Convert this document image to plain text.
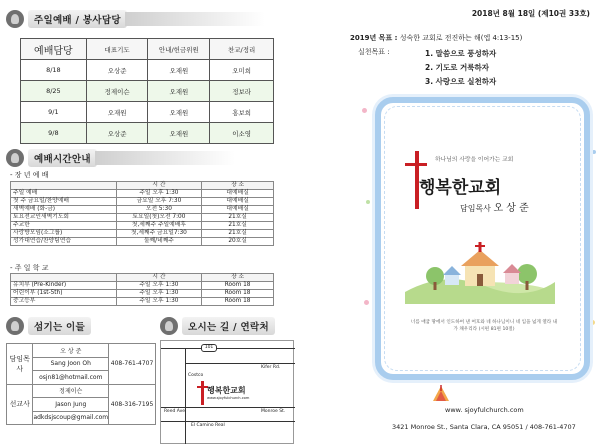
주일예배 / 봉사담당
예배담당	대표기도	안내/헌금위원	찬교/정리
8/18	오상준	오재원	오미희
8/25	정제이슨	오재원	정보라
9/1	오재원	오재원	홍보희
9/8	오상준	오재원	이소영
예배시간안내
- 장 년 예 배
	시 간	장 소
주일 예배	주일 오후 1:30	대예배실
첫 주 금요일/찬양예배	금요일 오후 7:30	대예배실
새벽예배 (화-금)	오전 5:30	대예배실
토요전교인새벽기도회	토요일(첫)오전 7:00	21호실
주교한	첫,세째주 주일예배후	21호실
사랑방모임(소그룹)	첫,세째주 금요일7:30	21호실
성가대연습/찬양팀연습	둘째/네째주	20호실
- 주 일 학 교
	시 간	장 소
유치부 (Pre-Kinder)	주일 오후 1:30	Room 18
어린이부 (1st-5th)	주일 오후 1:30	Room 18
중고등부	주일 오후 1:30	Room 18
섬기는 이들
담임목사	오 상 준	408-761-4707
	Sang Joon Oh	
	osjn81@hotmail.com	
선교사	정제이슨	408-316-7195
	Jason Jung	
	adkdsjscoup@gmail.com	
오시는 길 / 연락처
101
Kifer Rd.
Costco
Monroe St.
Reed Ave.
El Camino Real
행복한교회
www.sjoyfulchurch.com
2018년 8월 18일 (제10권 33호)
2019년 목표 : 성숙한 교회로 전진하는 해(엡 4:13-15)
실천목표 :	1. 말씀으로 풍성하자
2. 기도로 거룩하자
3. 사랑으로 실천하자
하나님의 사랑을 이어가는 교회
행복한교회
담임목사 오 상 준
너를 애굽 땅에서 인도하여 낸 여호와 네 하나님이니 네 입을 넓게 열라 내가 채우리라 (시편 81편 10절)
www. sjoyfulchurch.com
3421 Monroe St., Santa Clara, CA 95051 / 408-761-4707
